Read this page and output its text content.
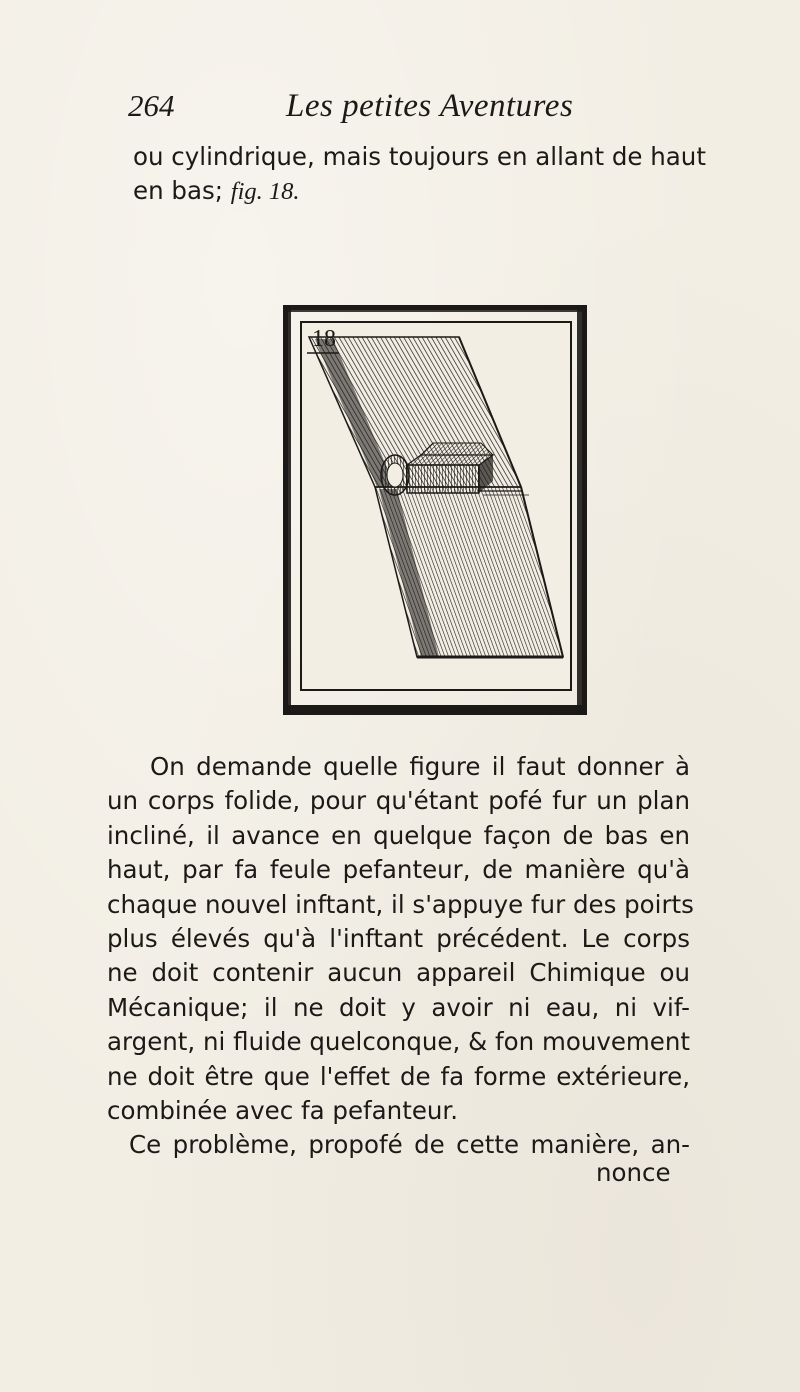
264	Les petites Aventures
ou cylindrique, mais toujours en allant de haut
en bas; fig. 18.
On demande quelle figure il faut donner à
un corps folide, pour qu'étant pofé fur un plan
incliné, il avance en quelque façon de bas en
haut, par fa feule pefanteur, de manière qu'à
chaque nouvel inftant, il s'appuye fur des poirts
plus élevés qu'à l'inftant précédent. Le corps
ne doit contenir aucun appareil Chimique ou
Mécanique; il ne doit y avoir ni eau, ni vif-
argent, ni fluide quelconque, & fon mouvement
ne doit être que l'effet de fa forme extérieure,
combinée avec fa pefanteur.
Ce problème, propofé de cette manière, an-
nonce
